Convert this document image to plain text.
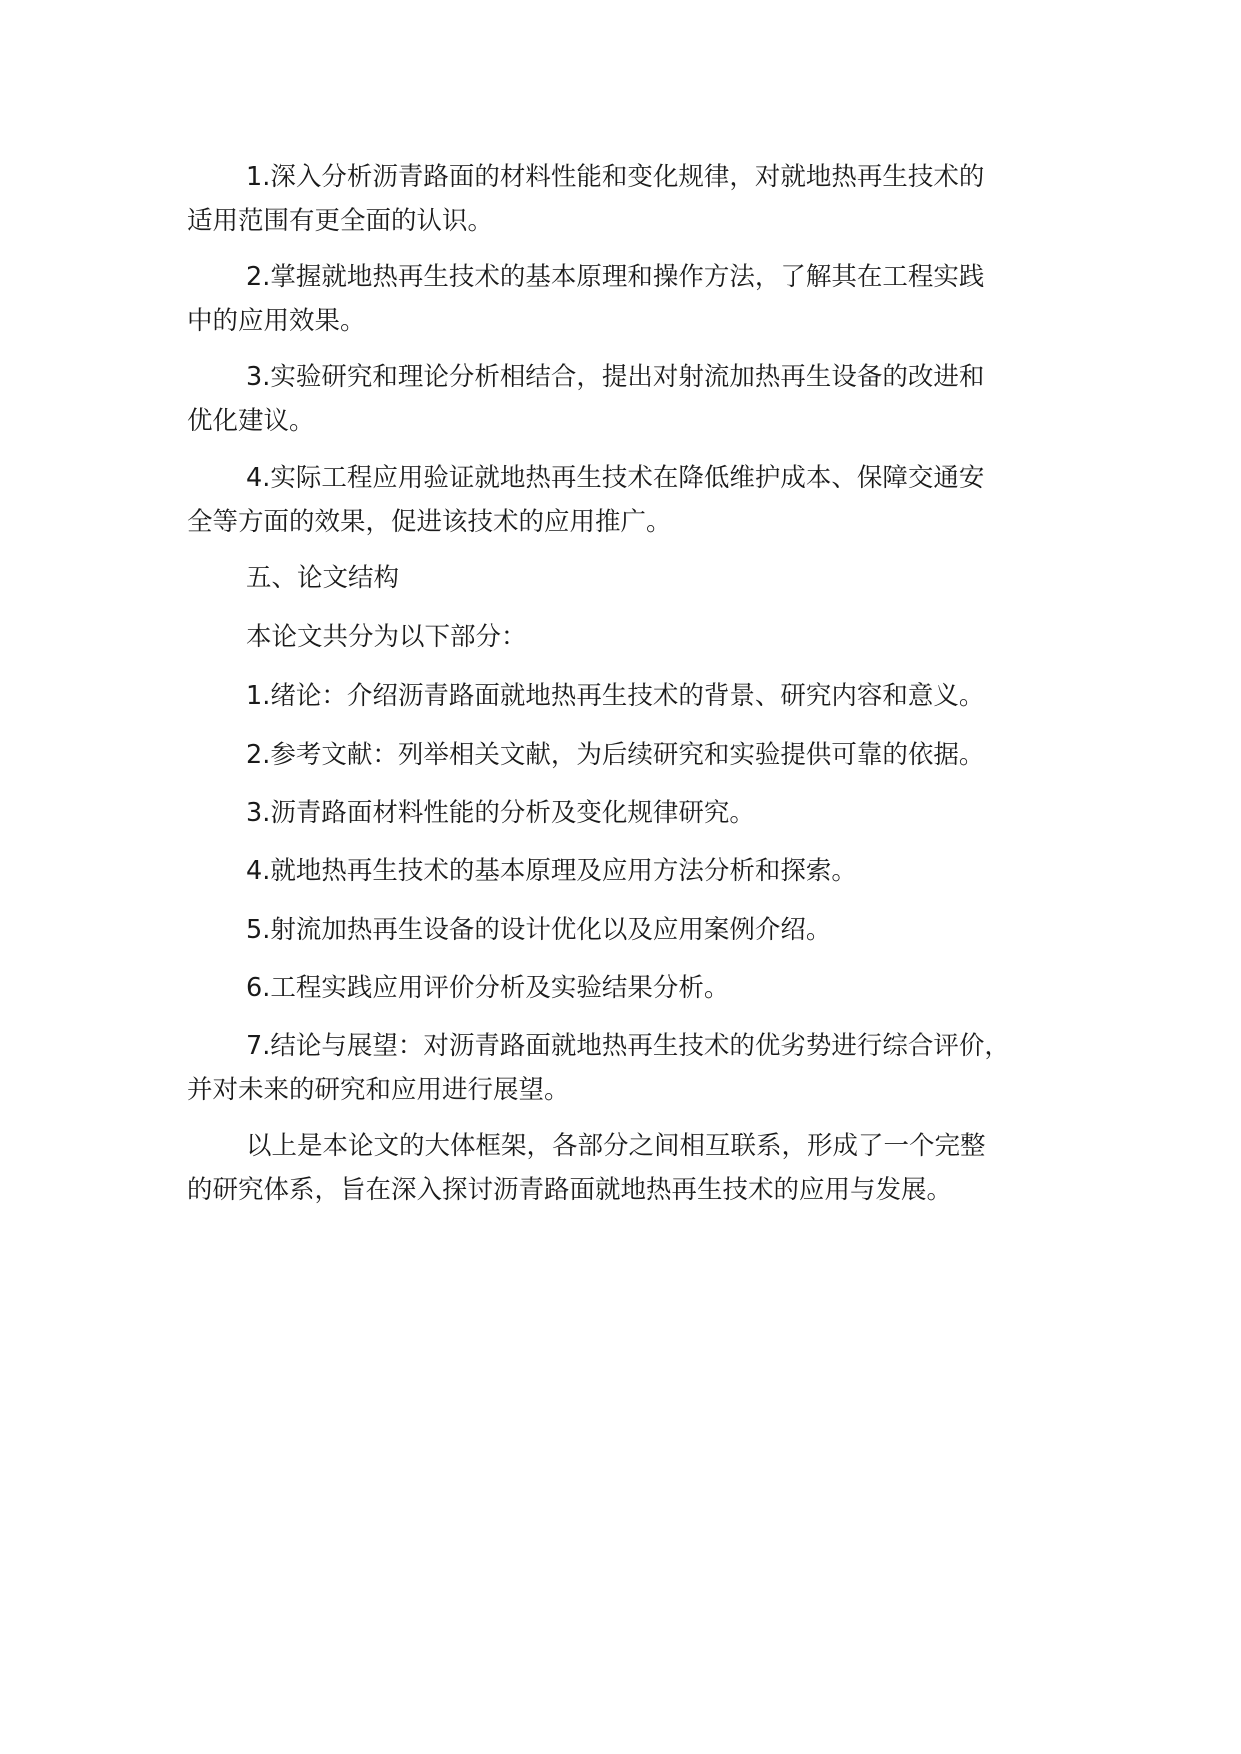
1.深入分析沥青路面的材料性能和变化规律，对就地热再生技术的
适用范围有更全面的认识。

2.掌握就地热再生技术的基本原理和操作方法，了解其在工程实践
中的应用效果。

3.实验研究和理论分析相结合，提出对射流加热再生设备的改进和
优化建议。

4.实际工程应用验证就地热再生技术在降低维护成本、保障交通安
全等方面的效果，促进该技术的应用推广。

五、论文结构

本论文共分为以下部分：

1.绪论：介绍沥青路面就地热再生技术的背景、研究内容和意义。

2.参考文献：列举相关文献，为后续研究和实验提供可靠的依据。

3.沥青路面材料性能的分析及变化规律研究。

4.就地热再生技术的基本原理及应用方法分析和探索。

5.射流加热再生设备的设计优化以及应用案例介绍。

6.工程实践应用评价分析及实验结果分析。

7.结论与展望：对沥青路面就地热再生技术的优劣势进行综合评价，
并对未来的研究和应用进行展望。

以上是本论文的大体框架，各部分之间相互联系，形成了一个完整
的研究体系，旨在深入探讨沥青路面就地热再生技术的应用与发展。
